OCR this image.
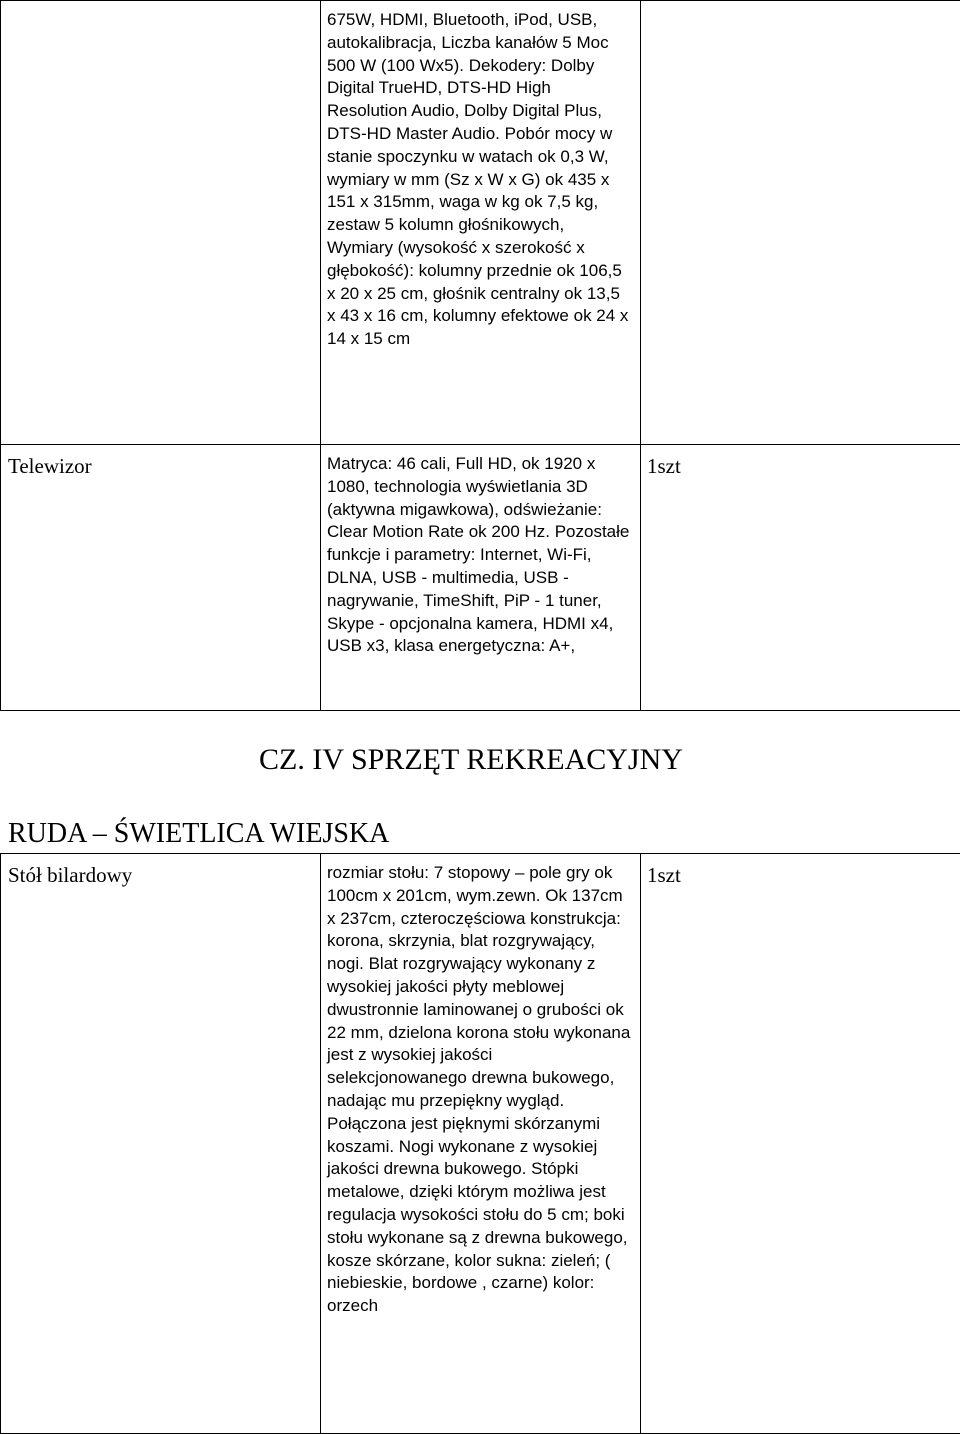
	675W, HDMI, Bluetooth, iPod, USB, autokalibracja, Liczba kanałów 5 Moc 500 W (100 Wx5). Dekodery: Dolby Digital TrueHD, DTS-HD High Resolution Audio, Dolby Digital Plus, DTS-HD Master Audio. Pobór mocy w stanie spoczynku w watach ok 0,3 W, wymiary w mm (Sz x W x G) ok 435 x 151 x 315mm, waga w kg ok 7,5 kg, zestaw 5 kolumn głośnikowych, Wymiary (wysokość x szerokość x głębokość): kolumny przednie ok 106,5 x 20 x 25 cm, głośnik centralny ok 13,5 x 43 x 16 cm, kolumny efektowe ok 24 x 14 x 15 cm	
Telewizor	Matryca: 46 cali, Full HD, ok 1920 x 1080, technologia wyświetlania 3D (aktywna migawkowa), odświeżanie: Clear Motion Rate ok 200 Hz. Pozostałe funkcje i parametry: Internet, Wi-Fi, DLNA, USB - multimedia, USB - nagrywanie, TimeShift, PiP - 1 tuner, Skype - opcjonalna kamera, HDMI x4, USB x3, klasa energetyczna: A+,	1szt
CZ. IV SPRZĘT REKREACYJNY
RUDA – ŚWIETLICA WIEJSKA
Stół bilardowy	rozmiar stołu: 7 stopowy – pole gry ok 100cm x 201cm, wym.zewn. Ok 137cm x 237cm, czteroczęściowa konstrukcja: korona, skrzynia, blat rozgrywający, nogi. Blat rozgrywający wykonany z wysokiej jakości płyty meblowej dwustronnie laminowanej o grubości ok 22 mm, dzielona korona stołu wykonana jest z wysokiej jakości selekcjonowanego drewna bukowego, nadając mu przepiękny wygląd. Połączona jest pięknymi skórzanymi koszami. Nogi wykonane z wysokiej jakości drewna bukowego. Stópki metalowe, dzięki którym możliwa jest regulacja wysokości stołu do 5 cm; boki stołu wykonane są z drewna bukowego, kosze skórzane, kolor sukna: zieleń; ( niebieskie, bordowe , czarne) kolor: orzech	1szt
